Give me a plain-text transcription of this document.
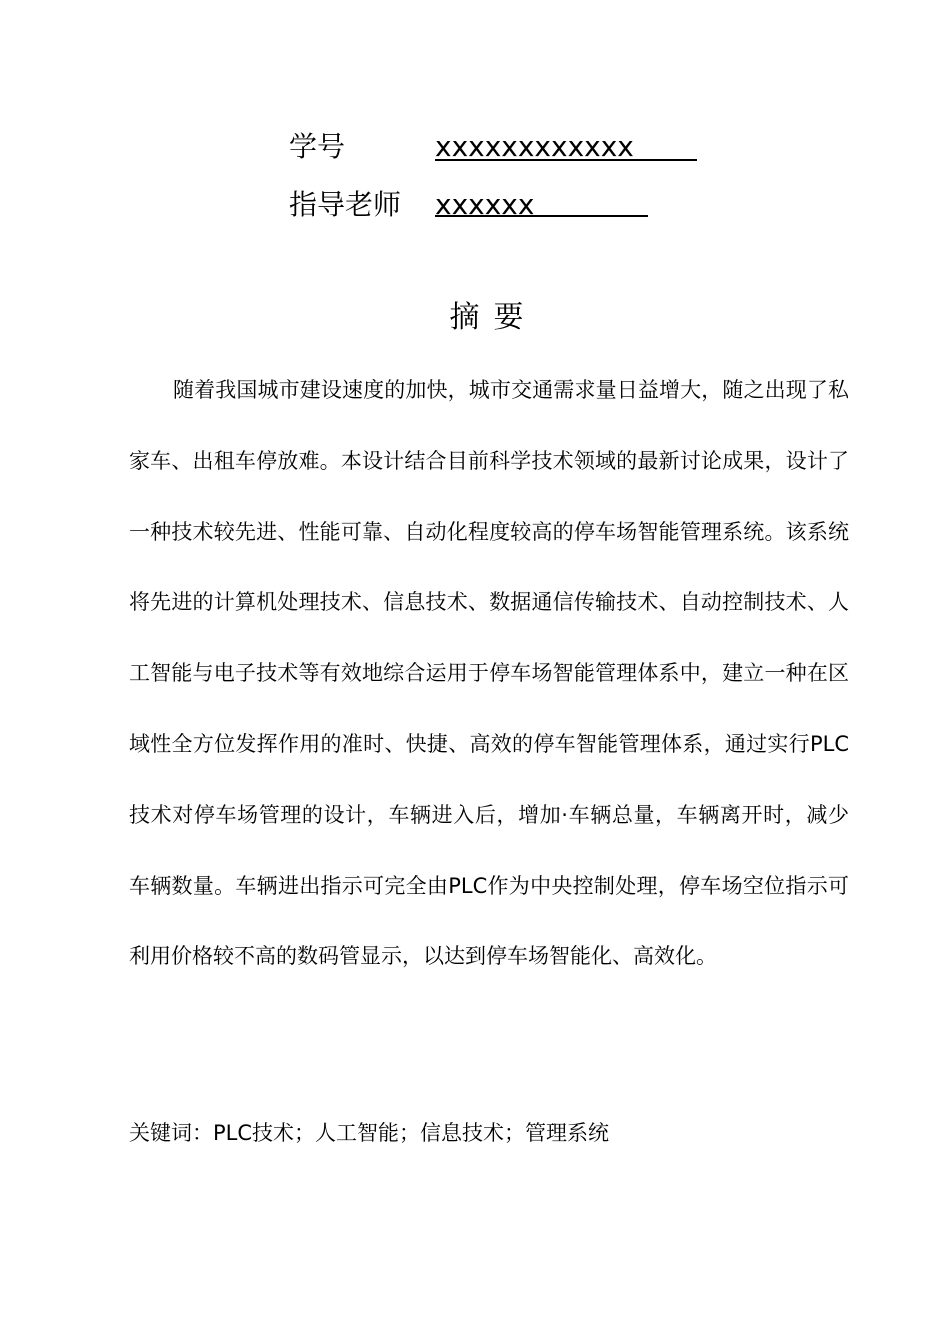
学号	xxxxxxxxxxxx
指导老师 xxxxxx
摘要

随着我国城市建设速度的加快，城市交通需求量日益增大，随之出现了私家车、出租车停放难。本设计结合目前科学技术领域的最新讨论成果，设计了一种技术较先进、性能可靠、自动化程度较高的停车场智能管理系统。该系统将先进的计算机处理技术、信息技术、数据通信传输技术、自动控制技术、人工智能与电子技术等有效地综合运用于停车场智能管理体系中，建立一种在区域性全方位发挥作用的准时、快捷、高效的停车智能管理体系，通过实行PLC技术对停车场管理的设计，车辆进入后，增加·车辆总量，车辆离开时，减少车辆数量。车辆进出指示可完全由PLC作为中央控制处理，停车场空位指示可利用价格较不高的数码管显示，以达到停车场智能化、高效化。

关键词：PLC技术；人工智能；信息技术；管理系统
